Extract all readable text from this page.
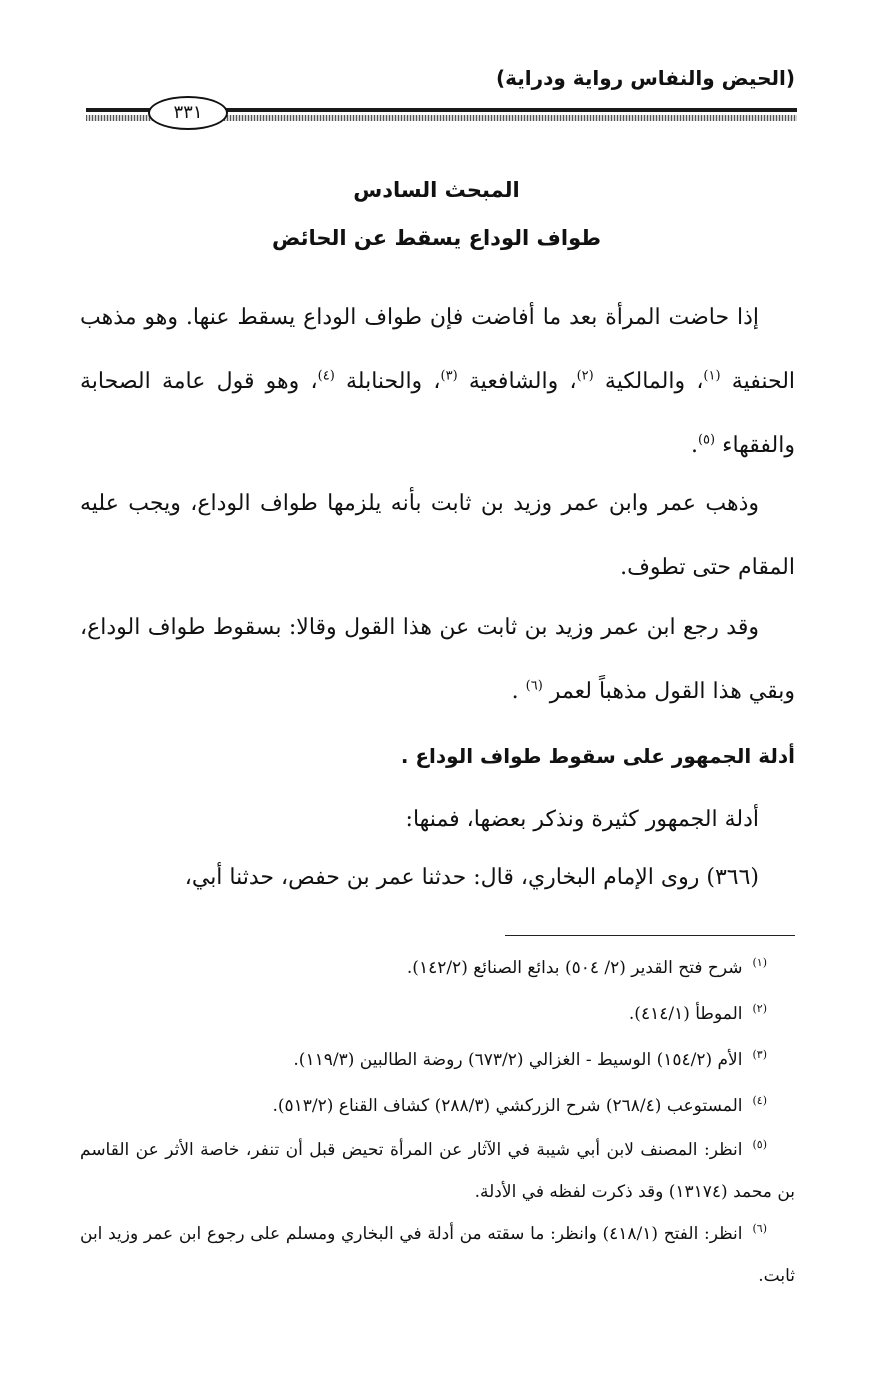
(الحيض والنفاس رواية ودراية)
٣٣١
المبحث السادس
طواف الوداع يسقط عن الحائض

إذا حاضت المرأة بعد ما أفاضت فإن طواف الوداع يسقط عنها. وهو مذهب الحنفية $^{(١)}$، والمالكية $^{(٢)}$، والشافعية $^{(٣)}$، والحنابلة $^{(٤)}$، وهو قول عامة الصحابة والفقهاء $^{(٥)}$.

وذهب عمر وابن عمر وزيد بن ثابت بأنه يلزمها طواف الوداع، ويجب عليه المقام حتى تطوف.

وقد رجع ابن عمر وزيد بن ثابت عن هذا القول وقالا: بسقوط طواف الوداع، وبقي هذا القول مذهباً لعمر $^{(٦)}$ .

أدلة الجمهور على سقوط طواف الوداع .

أدلة الجمهور كثيرة ونذكر بعضها، فمنها:

(٣٦٦) روى الإمام البخاري، قال: حدثنا عمر بن حفص، حدثنا أبي،

$^{(١)}$شرح فتح القدير (٢/ ٥٠٤) بدائع الصنائع (١٤٢/٢).

$^{(٢)}$الموطأ (٤١٤/١).

$^{(٣)}$الأم (١٥٤/٢) الوسيط - الغزالي (٦٧٣/٢) روضة الطالبين (١١٩/٣).

$^{(٤)}$المستوعب (٢٦٨/٤) شرح الزركشي (٢٨٨/٣) كشاف القناع (٥١٣/٢).

$^{(٥)}$انظر: المصنف لابن أبي شيبة في الآثار عن المرأة تحيض قبل أن تنفر، خاصة الأثر عن القاسم بن محمد (١٣١٧٤) وقد ذكرت لفظه في الأدلة.

$^{(٦)}$انظر: الفتح (٤١٨/١) وانظر: ما سقته من أدلة في البخاري ومسلم على رجوع ابن عمر وزيد ابن ثابت.
